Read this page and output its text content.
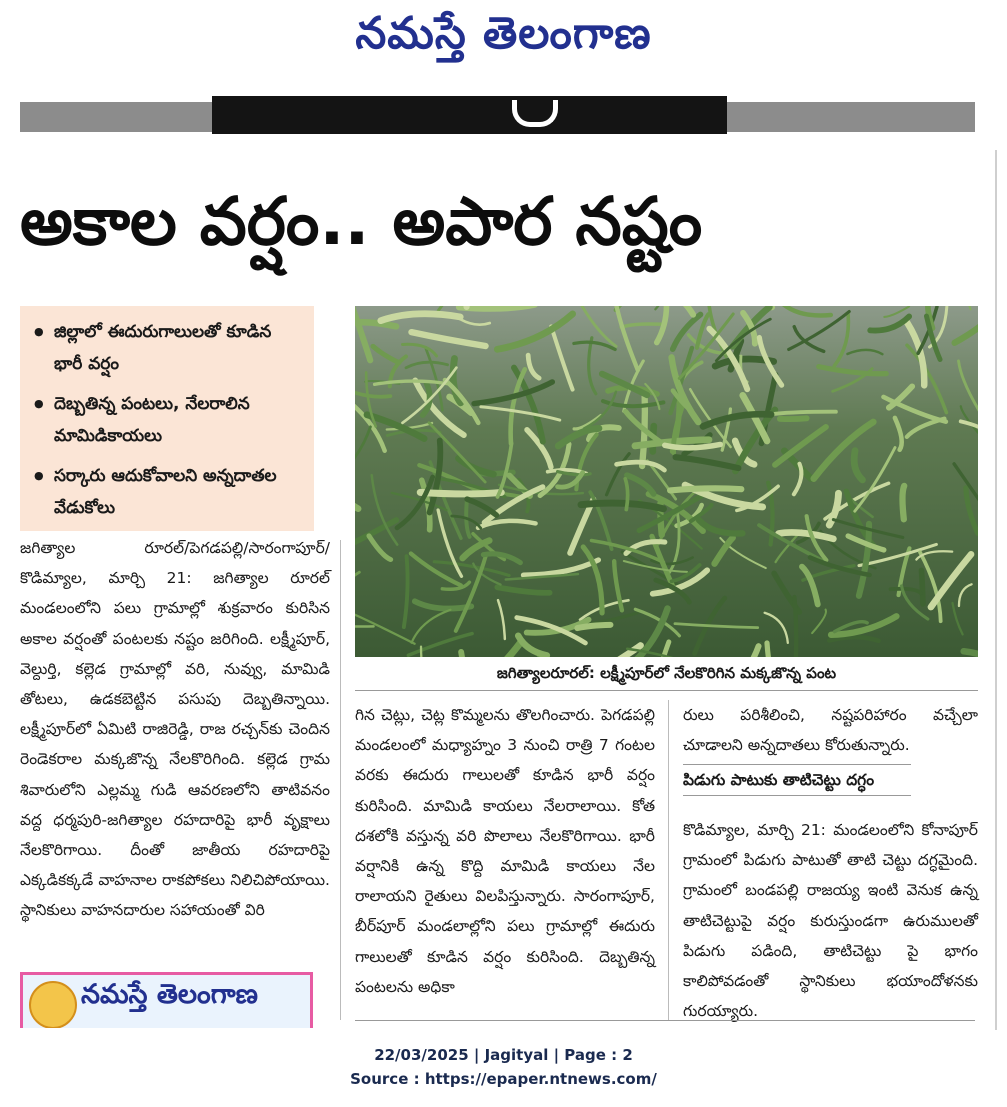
నమస్తే తెలంగాణ
అకాల వర్షం.. అపార నష్టం
● జిల్లాలో ఈదురుగాలులతో కూడిన భారీ వర్షం
● దెబ్బతిన్న పంటలు, నేలరాలిన మామిడికాయలు
● సర్కారు ఆదుకోవాలని అన్నదాతల వేడుకోలు
జగిత్యాలరూరల్: లక్ష్మీపూర్‌లో నేలకొరిగిన మక్కజొన్న పంట

జగిత్యాల రూరల్/పెగడపల్లి/సారంగాపూర్/కొడిమ్యాల, మార్చి 21: జగిత్యాల రూరల్ మండలంలోని పలు గ్రామాల్లో శుక్రవారం కురిసిన అకాల వర్షంతో పంటలకు నష్టం జరిగింది. లక్ష్మీపూర్, వెల్దుర్తి, కల్లెడ గ్రామాల్లో వరి, నువ్వు, మామిడి తోటలు, ఉడకబెట్టిన పసుపు దెబ్బతిన్నాయి. లక్ష్మీపూర్‌లో ఏమిటి రాజిరెడ్డి, రాజ రచ్చన్‌కు చెందిన రెండెకరాల మక్కజొన్న నేలకొరిగింది. కల్లెడ గ్రామ శివారులోని ఎల్లమ్మ గుడి ఆవరణలోని తాటివనం వద్ద ధర్మపురి-జగిత్యాల రహదారిపై భారీ వృక్షాలు నేలకొరిగాయి. దీంతో జాతీయ రహదారిపై ఎక్కడికక్కడే వాహనాల రాకపోకలు నిలిచిపోయాయి. స్థానికులు వాహనదారుల సహాయంతో విరి

గిన చెట్లు, చెట్ల కొమ్మలను తొలగించారు. పెగడపల్లి మండలంలో మధ్యాహ్నం 3 నుంచి రాత్రి 7 గంటల వరకు ఈదురు గాలులతో కూడిన భారీ వర్షం కురిసింది. మామిడి కాయలు నేలరాలాయి. కోత దశలోకి వస్తున్న వరి పొలాలు నేలకొరిగాయి. భారీ వర్షానికి ఉన్న కొద్ది మామిడి కాయలు నేల రాలాయని రైతులు విలపిస్తున్నారు. సారంగాపూర్, బీర్‌పూర్ మండలాల్లోని పలు గ్రామాల్లో ఈదురు గాలులతో కూడిన వర్షం కురిసింది. దెబ్బతిన్న పంటలను అధికా

రులు పరిశీలించి, నష్టపరిహారం వచ్చేలా చూడాలని అన్నదాతలు కోరుతున్నారు.

పిడుగు పాటుకు తాటిచెట్టు దగ్ధం

కొడిమ్యాల, మార్చి 21: మండలంలోని కోనాపూర్ గ్రామంలో పిడుగు పాటుతో తాటి చెట్టు దగ్ధమైంది. గ్రామంలో బండపల్లి రాజయ్య ఇంటి వెనుక ఉన్న తాటిచెట్టుపై వర్షం కురుస్తుండగా ఉరుములతో పిడుగు పడింది, తాటిచెట్టు పై భాగం కాలిపోవడంతో స్థానికులు భయాందోళనకు గురయ్యారు.

నమస్తే తెలంగాణ
22/03/2025 | Jagityal | Page : 2
Source : https://epaper.ntnews.com/
